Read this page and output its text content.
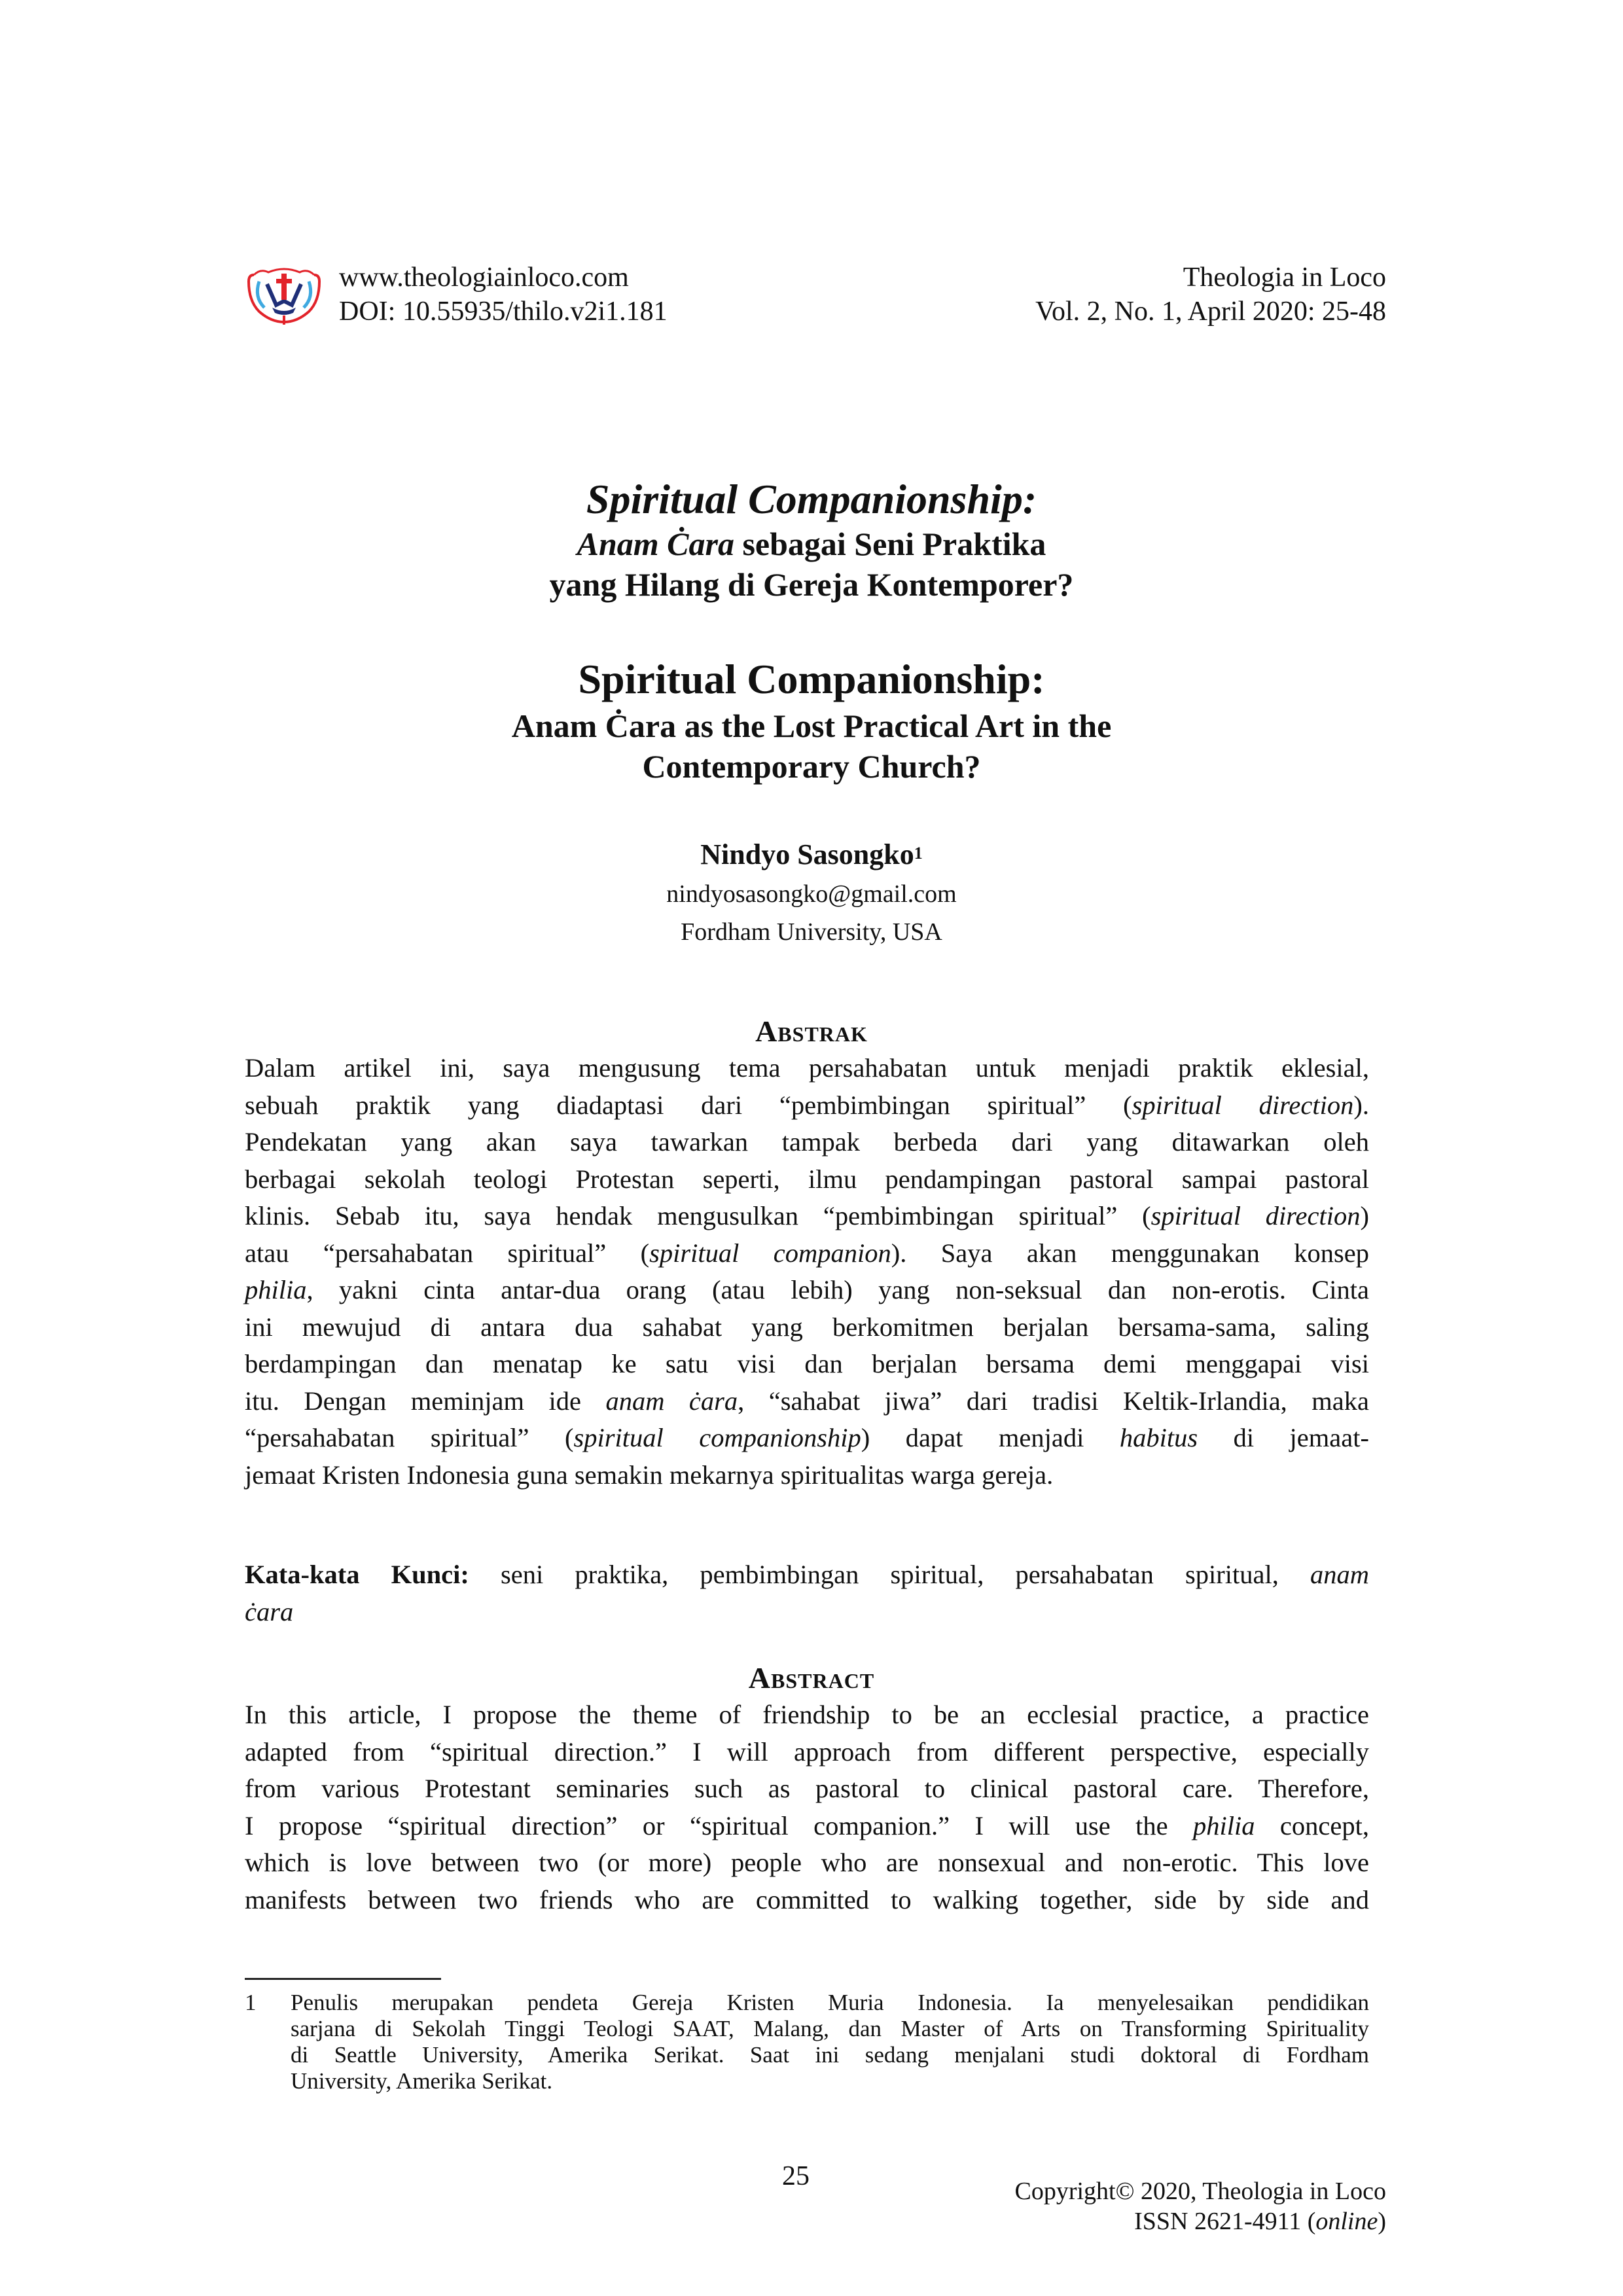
www.theologiainloco.com
DOI: 10.55935/thilo.v2i1.181
Theologia in Loco
Vol. 2, No. 1, April 2020: 25-48
Spiritual Companionship:
Anam Ċara sebagai Seni Praktika
yang Hilang di Gereja Kontemporer?
Spiritual Companionship:
Anam Ċara as the Lost Practical Art in the
Contemporary Church?
Nindyo Sasongko$^1$
nindyosasongko@gmail.com
Fordham University, USA
Abstrak
Dalam artikel ini, saya mengusung tema persahabatan untuk menjadi praktik eklesial,
sebuah praktik yang diadaptasi dari “pembimbingan spiritual” (spiritual direction).
Pendekatan yang akan saya tawarkan tampak berbeda dari yang ditawarkan oleh
berbagai sekolah teologi Protestan seperti, ilmu pendampingan pastoral sampai pastoral
klinis. Sebab itu, saya hendak mengusulkan “pembimbingan spiritual” (spiritual direction)
atau “persahabatan spiritual” (spiritual companion). Saya akan menggunakan konsep
philia, yakni cinta antar-dua orang (atau lebih) yang non-seksual dan non-erotis. Cinta
ini mewujud di antara dua sahabat yang berkomitmen berjalan bersama-sama, saling
berdampingan dan menatap ke satu visi dan berjalan bersama demi menggapai visi
itu. Dengan meminjam ide anam ċara, “sahabat jiwa” dari tradisi Keltik-Irlandia, maka
“persahabatan spiritual” (spiritual companionship) dapat menjadi habitus di jemaat-
jemaat Kristen Indonesia guna semakin mekarnya spiritualitas warga gereja.
Kata-kata Kunci: seni praktika, pembimbingan spiritual, persahabatan spiritual, anam
ċara
Abstract
In this article, I propose the theme of friendship to be an ecclesial practice, a practice
adapted from “spiritual direction.” I will approach from different perspective, especially
from various Protestant seminaries such as pastoral to clinical pastoral care. Therefore,
I propose “spiritual direction” or “spiritual companion.” I will use the philia concept,
which is love between two (or more) people who are nonsexual and non-erotic. This love
manifests between two friends who are committed to walking together, side by side and
1 Penulis merupakan pendeta Gereja Kristen Muria Indonesia. Ia menyelesaikan pendidikan
sarjana di Sekolah Tinggi Teologi SAAT, Malang, dan Master of Arts on Transforming Spirituality
di Seattle University, Amerika Serikat. Saat ini sedang menjalani studi doktoral di Fordham
University, Amerika Serikat.
25	Copyright© 2020, Theologia in Loco
ISSN 2621-4911 (online)
